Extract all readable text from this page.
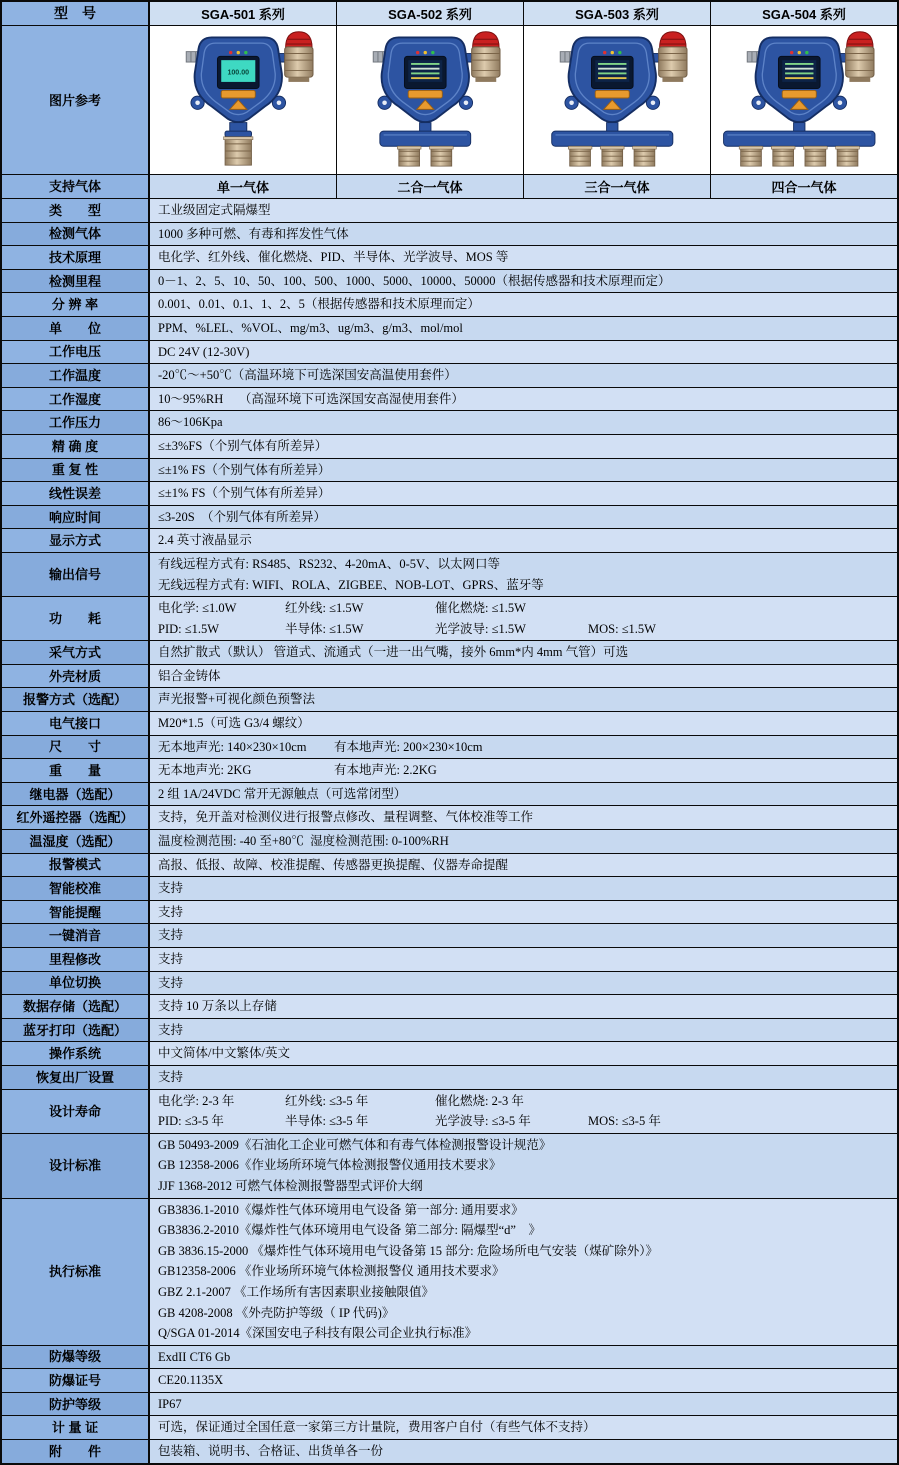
型　号	SGA-501 系列	SGA-502 系列	SGA-503 系列	SGA-504 系列
图片参考
100.00
支持气体	单一气体	二合一气体	三合一气体	四合一气体
类　　型	工业级固定式隔爆型
检测气体	1000 多种可燃、有毒和挥发性气体
技术原理	电化学、红外线、催化燃烧、PID、半导体、光学波导、MOS 等
检测里程	0－1、2、5、10、50、100、500、1000、5000、10000、50000（根据传感器和技术原理而定）
分 辨 率	0.001、0.01、0.1、1、2、5（根据传感器和技术原理而定）
单　　位	PPM、%LEL、%VOL、mg/m3、ug/m3、g/m3、mol/mol
工作电压	DC 24V (12-30V)
工作温度	-20℃～+50℃（高温环境下可选深国安高温使用套件）
工作湿度	10～95%RH　 （高湿环境下可选深国安高湿使用套件）
工作压力	86～106Kpa
精 确 度	≤±3%FS（个别气体有所差异）
重 复 性	≤±1% FS（个别气体有所差异）
线性误差	≤±1% FS（个别气体有所差异）
响应时间	≤3-20S　（个别气体有所差异）
显示方式	2.4 英寸液晶显示
输出信号
有线远程方式有: RS485、RS232、4-20mA、0-5V、以太网口等
无线远程方式有: WIFI、ROLA、ZIGBEE、NOB-LOT、GPRS、蓝牙等
功　　耗
电化学: ≤1.0W	红外线: ≤1.5W	催化燃烧: ≤1.5W
PID: ≤1.5W	半导体: ≤1.5W	光学波导: ≤1.5W	MOS: ≤1.5W
采气方式	自然扩散式（默认） 管道式、流通式（一进一出气嘴，接外 6mm*内 4mm 气管）可选
外壳材质	铝合金铸体
报警方式（选配）	声光报警+可视化颜色预警法
电气接口	M20*1.5（可选 G3/4 螺纹）
尺　　寸	无本地声光: 140×230×10cm	有本地声光: 200×230×10cm
重　　量	无本地声光: 2KG	有本地声光: 2.2KG
继电器（选配）	2 组 1A/24VDC 常开无源触点（可选常闭型）
红外遥控器（选配）	支持，免开盖对检测仪进行报警点修改、量程调整、气体校准等工作
温湿度（选配）	温度检测范围: -40 至+80℃  湿度检测范围: 0-100%RH
报警模式	高报、低报、故障、校准提醒、传感器更换提醒、仪器寿命提醒
智能校准	支持
智能提醒	支持
一键消音	支持
里程修改	支持
单位切换	支持
数据存储（选配）	支持 10 万条以上存储
蓝牙打印（选配）	支持
操作系统	中文简体/中文繁体/英文
恢复出厂设置	支持
设计寿命
电化学: 2-3 年	红外线: ≤3-5 年	催化燃烧: 2-3 年
PID: ≤3-5 年	半导体: ≤3-5 年	光学波导: ≤3-5 年	MOS: ≤3-5 年
设计标准
GB 50493-2009《石油化工企业可燃气体和有毒气体检测报警设计规范》
GB 12358-2006《作业场所环境气体检测报警仪通用技术要求》
JJF 1368-2012 可燃气体检测报警器型式评价大纲
执行标准
GB3836.1-2010《爆炸性气体环境用电气设备 第一部分: 通用要求》
GB3836.2-2010《爆炸性气体环境用电气设备 第二部分: 隔爆型“d”　》
GB 3836.15-2000 《爆炸性气体环境用电气设备第 15 部分: 危险场所电气安装（煤矿除外）》
GB12358-2006 《作业场所环境气体检测报警仪 通用技术要求》
GBZ 2.1-2007 《工作场所有害因素职业接触限值》
GB 4208-2008 《外壳防护等级（ IP 代码)》
Q/SGA 01-2014《深国安电子科技有限公司企业执行标准》
防爆等级	ExdII CT6 Gb
防爆证号	CE20.1135X
防护等级	IP67
计 量 证	可选，保证通过全国任意一家第三方计量院，费用客户自付（有些气体不支持）
附　　件	包装箱、说明书、合格证、出货单各一份
